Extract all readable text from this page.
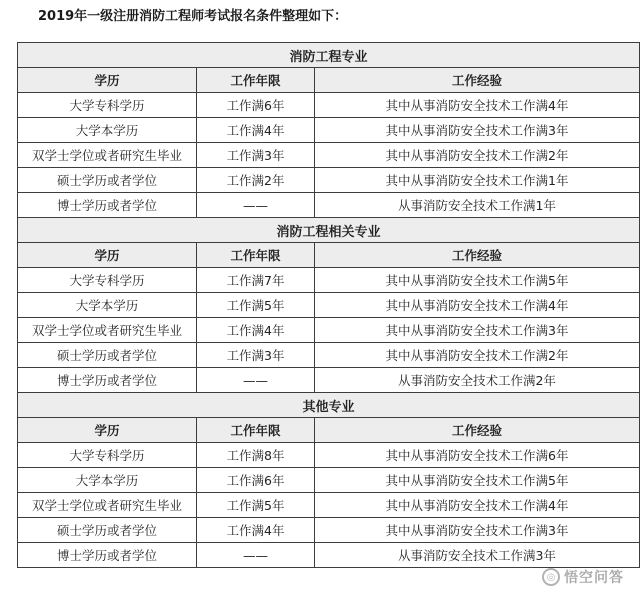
2019年一级注册消防工程师考试报名条件整理如下：
消防工程专业		
学历	工作年限	工作经验
大学专科学历	工作满6年	其中从事消防安全技术工作满4年
大学本学历	工作满4年	其中从事消防安全技术工作满3年
双学士学位或者研究生毕业	工作满3年	其中从事消防安全技术工作满2年
硕士学历或者学位	工作满2年	其中从事消防安全技术工作满1年
博士学历或者学位	——	从事消防安全技术工作满1年
消防工程相关专业		
学历	工作年限	工作经验
大学专科学历	工作满7年	其中从事消防安全技术工作满5年
大学本学历	工作满5年	其中从事消防安全技术工作满4年
双学士学位或者研究生毕业	工作满4年	其中从事消防安全技术工作满3年
硕士学历或者学位	工作满3年	其中从事消防安全技术工作满2年
博士学历或者学位	——	从事消防安全技术工作满2年
其他专业		
学历	工作年限	工作经验
大学专科学历	工作满8年	其中从事消防安全技术工作满6年
大学本学历	工作满6年	其中从事消防安全技术工作满5年
双学士学位或者研究生毕业	工作满5年	其中从事消防安全技术工作满4年
硕士学历或者学位	工作满4年	其中从事消防安全技术工作满3年
博士学历或者学位	——	从事消防安全技术工作满3年
◎ 悟空问答
